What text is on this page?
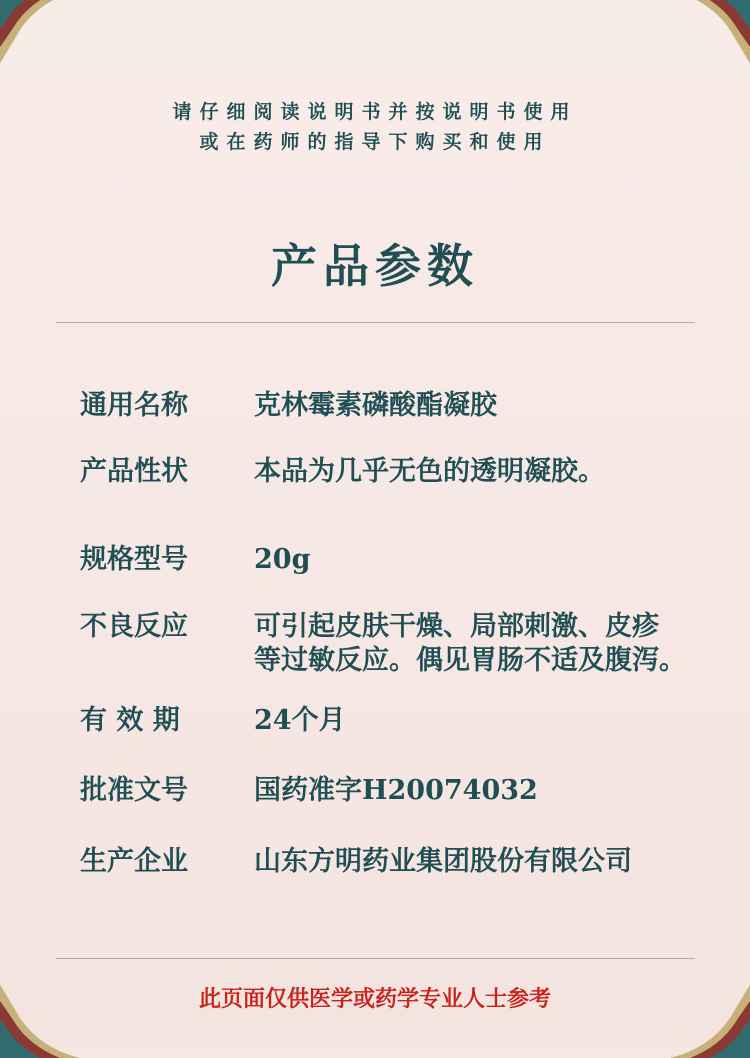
请仔细阅读说明书并按说明书使用
或在药师的指导下购买和使用
产品参数
通用名称	克林霉素磷酸酯凝胶
产品性状	本品为几乎无色的透明凝胶。
规格型号	20g
不良反应	可引起皮肤干燥、局部刺激、皮疹
等过敏反应。偶见胃肠不适及腹泻。
有 效 期	24个月
批准文号	国药准字H20074032
生产企业	山东方明药业集团股份有限公司
此页面仅供医学或药学专业人士参考
